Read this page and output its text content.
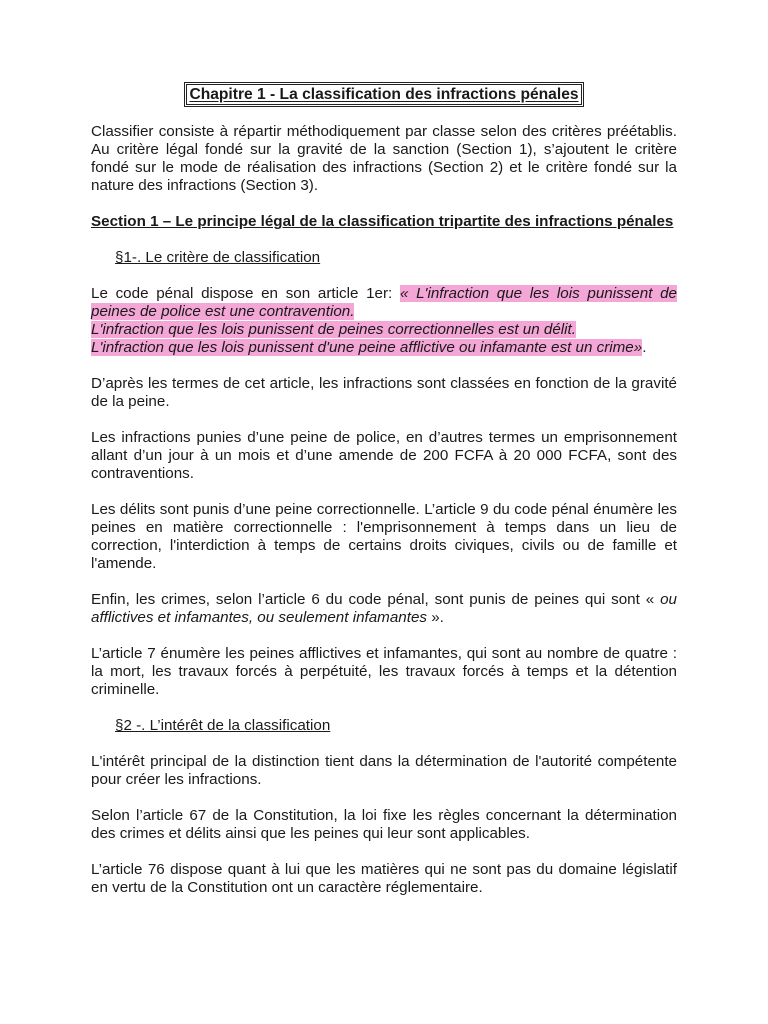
Chapitre 1 - La classification des infractions pénales

Classifier consiste à répartir méthodiquement par classe selon des critères préétablis. Au critère légal fondé sur la gravité de la sanction (Section 1), s’ajoutent le critère fondé sur le mode de réalisation des infractions (Section 2) et le critère fondé sur la nature des infractions (Section 3).

Section 1 – Le principe légal de la classification tripartite des infractions pénales

§1-. Le critère de classification

Le code pénal dispose en son article 1er: « L'infraction que les lois punissent de peines de police est une contravention.
L'infraction que les lois punissent de peines correctionnelles est un délit.
L'infraction que les lois punissent d'une peine afflictive ou infamante est un crime».

D’après les termes de cet article, les infractions sont classées en fonction de la gravité de la peine.

Les infractions punies d’une peine de police, en d’autres termes un emprisonnement allant d’un jour à un mois et d’une amende de 200 FCFA à 20 000 FCFA, sont des contraventions.

Les délits sont punis d’une peine correctionnelle. L’article 9 du code pénal énumère les peines en matière correctionnelle : l'emprisonnement à temps dans un lieu de correction, l'interdiction à temps de certains droits civiques, civils ou de famille et l'amende.

Enfin, les crimes, selon l’article 6 du code pénal, sont punis de peines qui sont « ou afflictives et infamantes, ou seulement infamantes ».

L’article 7 énumère les peines afflictives et infamantes, qui sont au nombre de quatre : la mort, les travaux forcés à perpétuité, les travaux forcés à temps et la détention criminelle.

§2 -. L’intérêt de la classification

L'intérêt principal de la distinction tient dans la détermination de l'autorité compétente pour créer les infractions.

Selon l’article 67 de la Constitution, la loi fixe les règles concernant la détermination des crimes et délits ainsi que les peines qui leur sont applicables.

L’article 76 dispose quant à lui que les matières qui ne sont pas du domaine législatif en vertu de la Constitution ont un caractère réglementaire.
